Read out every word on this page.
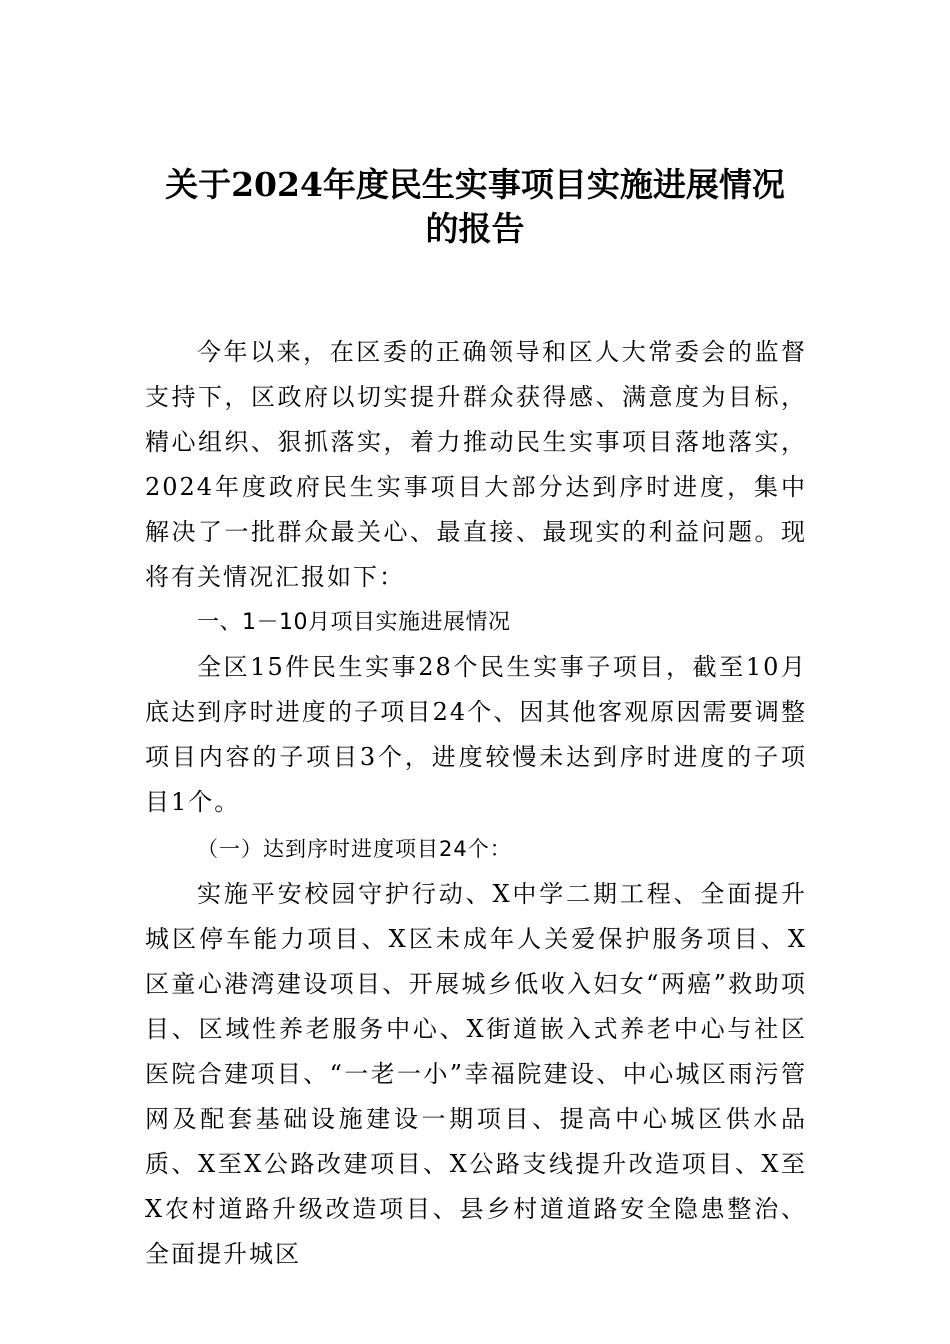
关于2024年度民生实事项目实施进展情况
的报告

今年以来，在区委的正确领导和区人大常委会的监督支持下，区政府以切实提升群众获得感、满意度为目标，精心组织、狠抓落实，着力推动民生实事项目落地落实，2024年度政府民生实事项目大部分达到序时进度，集中解决了一批群众最关心、最直接、最现实的利益问题。现将有关情况汇报如下：

一、1－10月项目实施进展情况

全区15件民生实事28个民生实事子项目，截至10月底达到序时进度的子项目24个、因其他客观原因需要调整项目内容的子项目3个，进度较慢未达到序时进度的子项目1个。

（一）达到序时进度项目24个：

实施平安校园守护行动、X中学二期工程、全面提升城区停车能力项目、X区未成年人关爱保护服务项目、X区童心港湾建设项目、开展城乡低收入妇女“两癌”救助项目、区域性养老服务中心、X街道嵌入式养老中心与社区医院合建项目、“一老一小”幸福院建设、中心城区雨污管网及配套基础设施建设一期项目、提高中心城区供水品质、X至X公路改建项目、X公路支线提升改造项目、X至X农村道路升级改造项目、县乡村道道路安全隐患整治、全面提升城区
